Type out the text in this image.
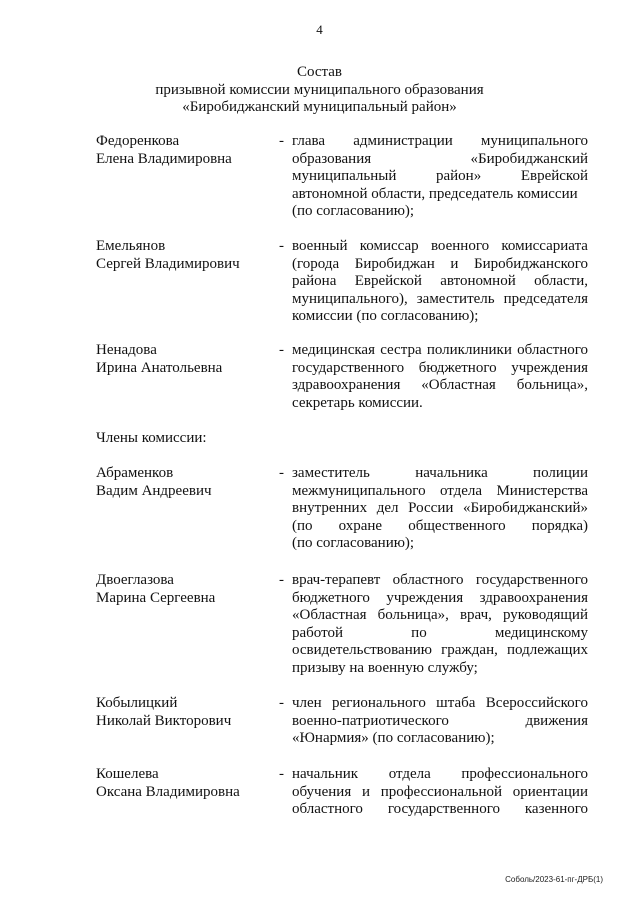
4
Состав
призывной комиссии муниципального образования
«Биробиджанский муниципальный район»
Члены комиссии:
Федоренкова
Елена Владимировна
- глава администрации муниципального
образования	«Биробиджанский
муниципальный	район»	Еврейской
автономной области, председатель комиссии
(по согласованию);
Емельянов
Сергей Владимирович
- военный комиссар военного комиссариата
(города Биробиджан и Биробиджанского
района Еврейской автономной области,
муниципального), заместитель председателя
комиссии (по согласованию);
Ненадова
Ирина Анатольевна
- медицинская сестра поликлиники областного
государственного бюджетного учреждения
здравоохранения «Областная больница»,
секретарь комиссии.
Абраменков
Вадим Андреевич
- заместитель	начальника	полиции
межмуниципального отдела Министерства
внутренних дел России «Биробиджанский»
(по охране общественного порядка)
(по согласованию);
Двоеглазова
Марина Сергеевна
- врач-терапевт областного государственного
бюджетного учреждения здравоохранения
«Областная больница», врач, руководящий
работой	по	медицинскому
освидетельствованию граждан, подлежащих
призыву на военную службу;
Кобылицкий
Николай Викторович
- член регионального штаба Всероссийского
военно-патриотического	движения
«Юнармия» (по согласованию);
Кошелева
Оксана Владимировна
- начальник отдела профессионального
обучения и профессиональной ориентации
областного государственного казенного
Соболь/2023-61-пг-ДРБ(1)
